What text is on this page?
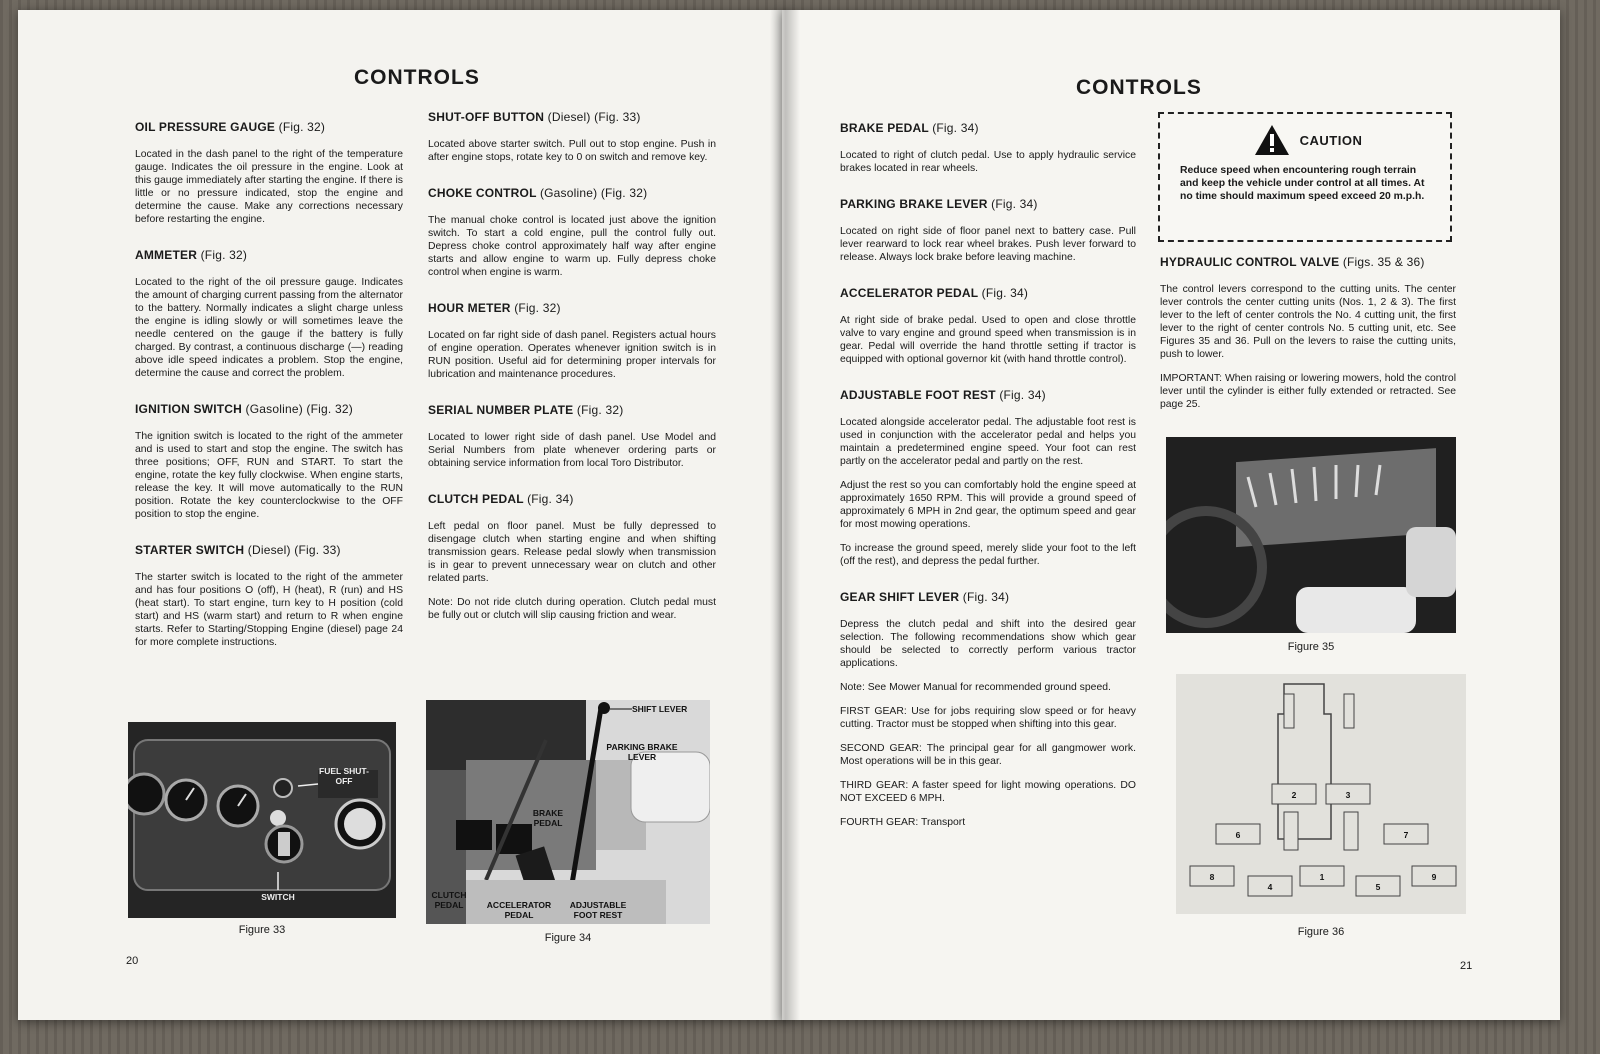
CONTROLS
OIL PRESSURE GAUGE (Fig. 32)
Located in the dash panel to the right of the temperature gauge. Indicates the oil pressure in the engine. Look at this gauge immediately after starting the engine. If there is little or no pressure indicated, stop the engine and determine the cause. Make any corrections necessary before restarting the engine.
AMMETER (Fig. 32)
Located to the right of the oil pressure gauge. Indicates the amount of charging current passing from the alternator to the battery. Normally indicates a slight charge unless the engine is idling slowly or will sometimes leave the needle centered on the gauge if the battery is fully charged. By contrast, a continuous discharge (—) reading above idle speed indicates a problem. Stop the engine, determine the cause and correct the problem.
IGNITION SWITCH (Gasoline) (Fig. 32)
The ignition switch is located to the right of the ammeter and is used to start and stop the engine. The switch has three positions; OFF, RUN and START. To start the engine, rotate the key fully clockwise. When engine starts, release the key. It will move automatically to the RUN position. Rotate the key counterclockwise to the OFF position to stop the engine.
STARTER SWITCH (Diesel) (Fig. 33)
The starter switch is located to the right of the ammeter and has four positions O (off), H (heat), R (run) and HS (heat start). To start engine, turn key to H position (cold start) and HS (warm start) and return to R when engine starts. Refer to Starting/Stopping Engine (diesel) page 24 for more complete instructions.
SHUT-OFF BUTTON (Diesel) (Fig. 33)
Located above starter switch. Pull out to stop engine. Push in after engine stops, rotate key to 0 on switch and remove key.
CHOKE CONTROL (Gasoline) (Fig. 32)
The manual choke control is located just above the ignition switch. To start a cold engine, pull the control fully out. Depress choke control approximately half way after engine starts and allow engine to warm up. Fully depress choke control when engine is warm.
HOUR METER (Fig. 32)
Located on far right side of dash panel. Registers actual hours of engine operation. Operates whenever ignition switch is in RUN position. Useful aid for determining proper intervals for lubrication and maintenance procedures.
SERIAL NUMBER PLATE (Fig. 32)
Located to lower right side of dash panel. Use Model and Serial Numbers from plate whenever ordering parts or obtaining service information from local Toro Distributor.
CLUTCH PEDAL (Fig. 34)
Left pedal on floor panel. Must be fully depressed to disengage clutch when starting engine and when shifting transmission gears. Release pedal slowly when transmission is in gear to prevent unnecessary wear on clutch and other related parts.
Note: Do not ride clutch during operation. Clutch pedal must be fully out or clutch will slip causing friction and wear.
FUEL SHUT-OFF
SWITCH
Figure 33
SHIFT LEVER
PARKING BRAKE LEVER
BRAKE PEDAL
CLUTCH PEDAL	ACCELERATOR PEDAL
ADJUSTABLE FOOT REST
Figure 34
20
CONTROLS
BRAKE PEDAL (Fig. 34)
Located to right of clutch pedal. Use to apply hydraulic service brakes located in rear wheels.
PARKING BRAKE LEVER (Fig. 34)
Located on right side of floor panel next to battery case. Pull lever rearward to lock rear wheel brakes. Push lever forward to release. Always lock brake before leaving machine.
ACCELERATOR PEDAL (Fig. 34)
At right side of brake pedal. Used to open and close throttle valve to vary engine and ground speed when transmission is in gear. Pedal will override the hand throttle setting if tractor is equipped with optional governor kit (with hand throttle control).
ADJUSTABLE FOOT REST (Fig. 34)
Located alongside accelerator pedal. The adjustable foot rest is used in conjunction with the accelerator pedal and helps you maintain a predetermined engine speed. Your foot can rest partly on the accelerator pedal and partly on the rest.
Adjust the rest so you can comfortably hold the engine speed at approximately 1650 RPM. This will provide a ground speed of approximately 6 MPH in 2nd gear, the optimum speed and gear for most mowing operations.
To increase the ground speed, merely slide your foot to the left (off the rest), and depress the pedal further.
GEAR SHIFT LEVER (Fig. 34)
Depress the clutch pedal and shift into the desired gear selection. The following recommendations show which gear should be selected to correctly perform various tractor applications.
Note: See Mower Manual for recommended ground speed.
FIRST GEAR: Use for jobs requiring slow speed or for heavy cutting. Tractor must be stopped when shifting into this gear.
SECOND GEAR: The principal gear for all gangmower work. Most operations will be in this gear.
THIRD GEAR: A faster speed for light mowing operations. DO NOT EXCEED 6 MPH.
FOURTH GEAR: Transport
CAUTION
Reduce speed when encountering rough terrain and keep the vehicle under control at all times. At no time should maximum speed exceed 20 m.p.h.
HYDRAULIC CONTROL VALVE (Figs. 35 & 36)
The control levers correspond to the cutting units. The center lever controls the center cutting units (Nos. 1, 2 & 3). The first lever to the left of center controls the No. 4 cutting unit, the first lever to the right of center controls No. 5 cutting unit, etc. See Figures 35 and 36. Pull on the levers to raise the cutting units, push to lower.
IMPORTANT: When raising or lowering mowers, hold the control lever until the cylinder is either fully extended or retracted. See page 25.
Figure 35
2	3
6	7
8
4
1
5
9
Figure 36
21
